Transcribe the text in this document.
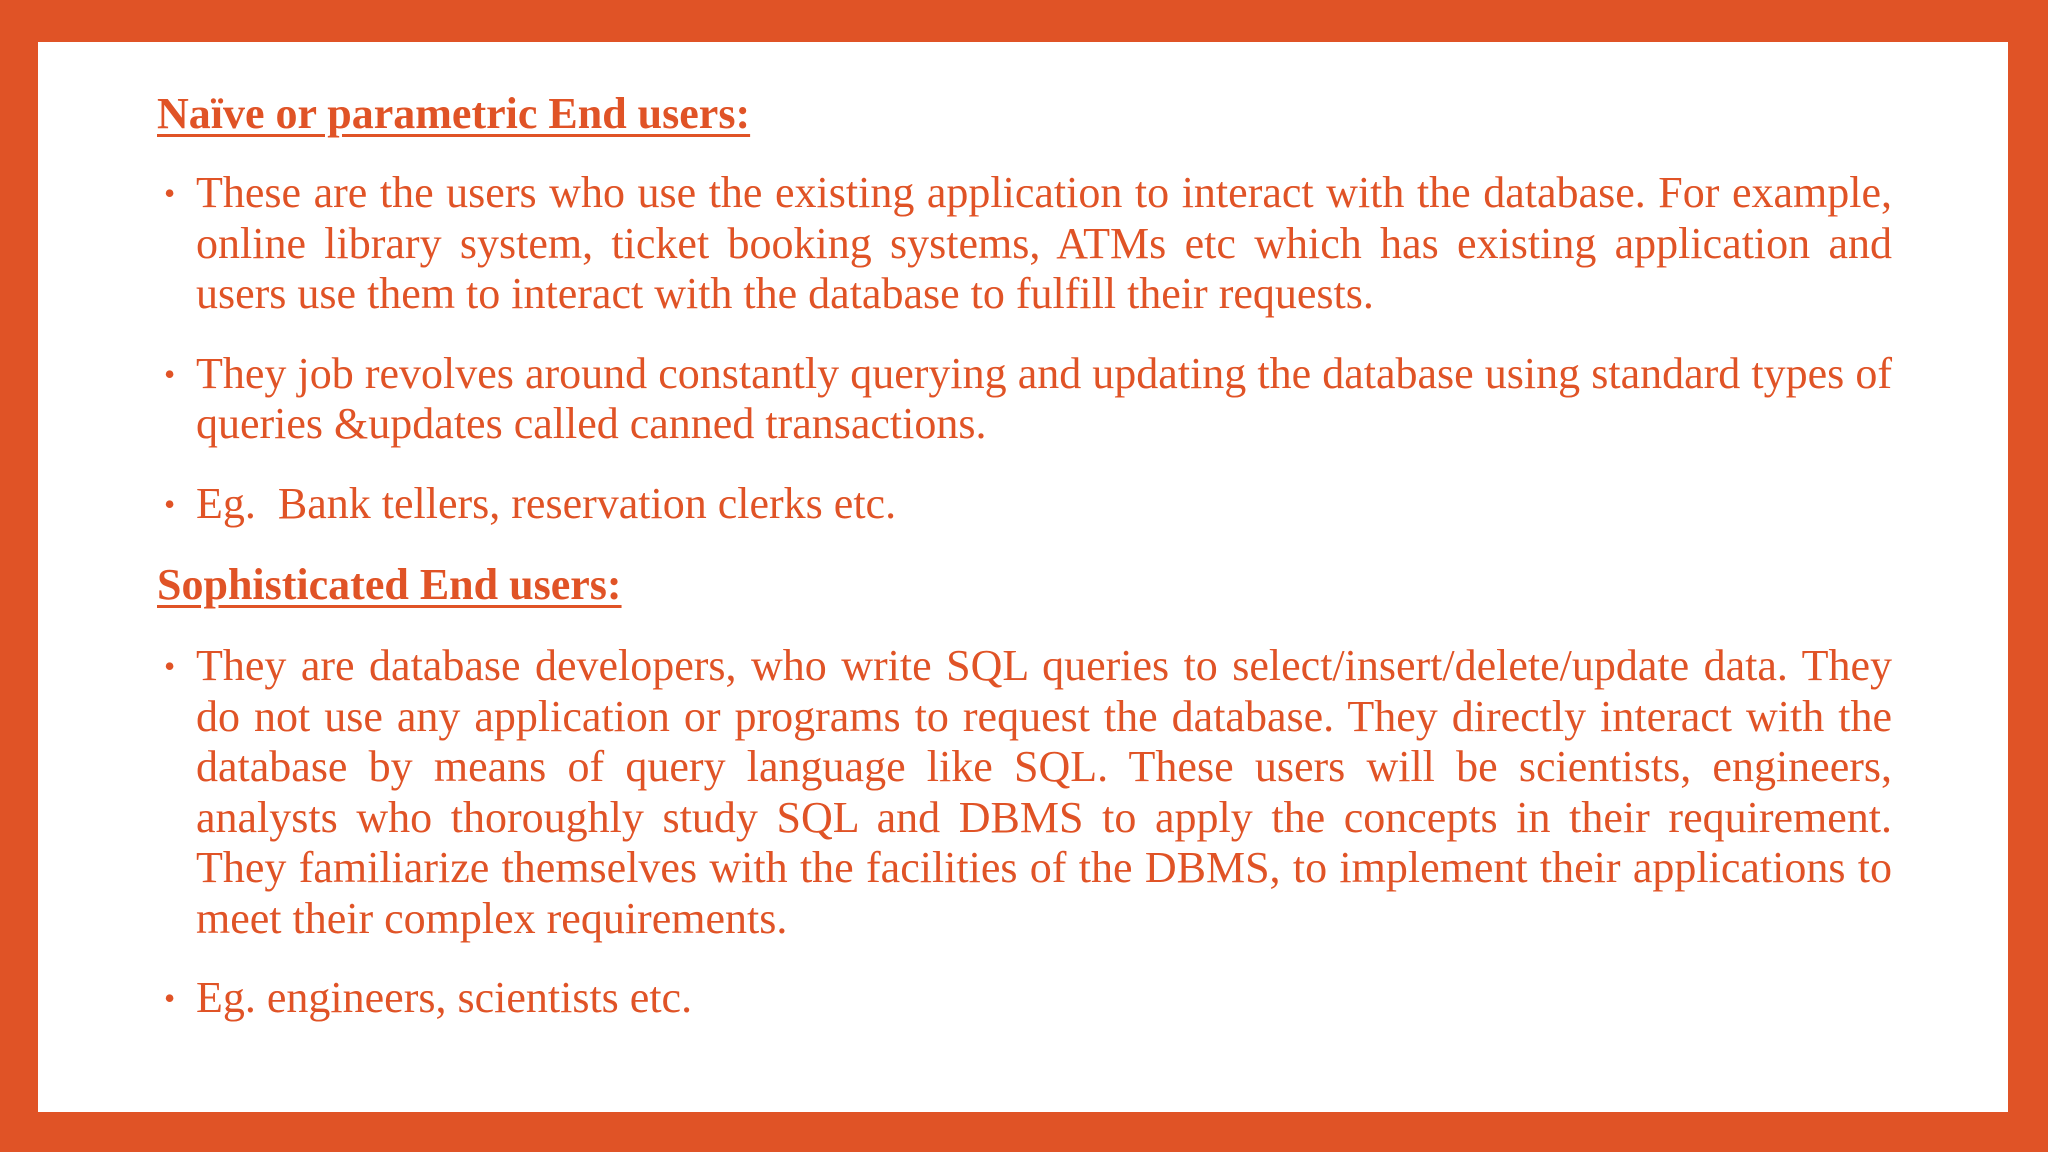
Naïve or parametric End users:
• These are the users who use the existing application to interact with the database. For example, online library system, ticket booking systems, ATMs etc which has existing application and users use them to interact with the database to fulfill their requests.
• They job revolves around constantly querying and updating the database using standard types of queries &updates called canned transactions.
• Eg.  Bank tellers, reservation clerks etc.
Sophisticated End users:
• They are database developers, who write SQL queries to select/insert/delete/update data. They do not use any application or programs to request the database. They directly interact with the database by means of query language like SQL. These users will be scientists, engineers, analysts who thoroughly study SQL and DBMS to apply the concepts in their requirement. They familiarize themselves with the facilities of the DBMS, to implement their applications to meet their complex requirements.
• Eg. engineers, scientists etc.
